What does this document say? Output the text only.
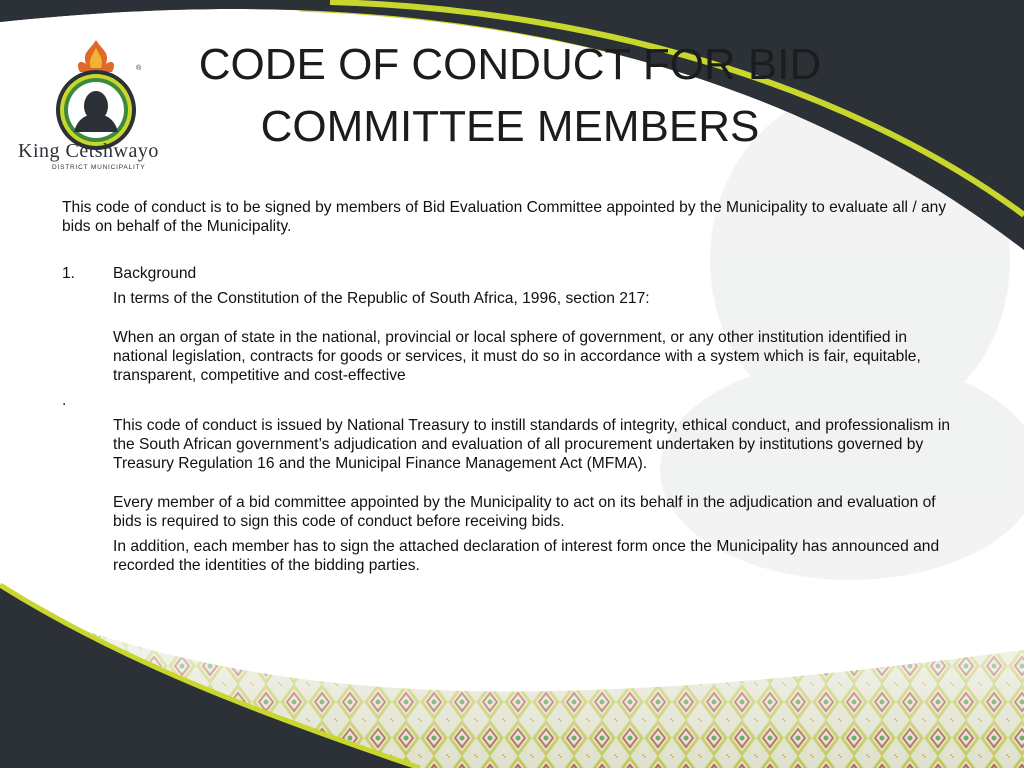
®
King Cetshwayo
DISTRICT MUNICIPALITY
CODE OF CONDUCT FOR BID
COMMITTEE MEMBERS

This code of conduct is to be signed by members of Bid Evaluation Committee appointed by the Municipality to evaluate all / any bids on behalf of the Municipality.

1.	Background

In terms of the Constitution of the Republic of South Africa, 1996, section 217:

When an organ of state in the national, provincial or local sphere of government, or any other institution identified in national legislation, contracts for goods or services, it must do so in accordance with a system which is fair, equitable, transparent, competitive and cost-effective

.

This code of conduct is issued by National Treasury to instill standards of integrity, ethical conduct, and professionalism in the South African government’s adjudication and evaluation of all procurement undertaken by institutions governed by Treasury Regulation 16 and the Municipal Finance Management Act (MFMA).

Every member of a bid committee appointed by the Municipality to act on its behalf in the adjudication and evaluation of bids is required to sign this code of conduct before receiving bids.

In addition, each member has to sign the attached declaration of interest form once the Municipality has announced and recorded the identities of the bidding parties.
